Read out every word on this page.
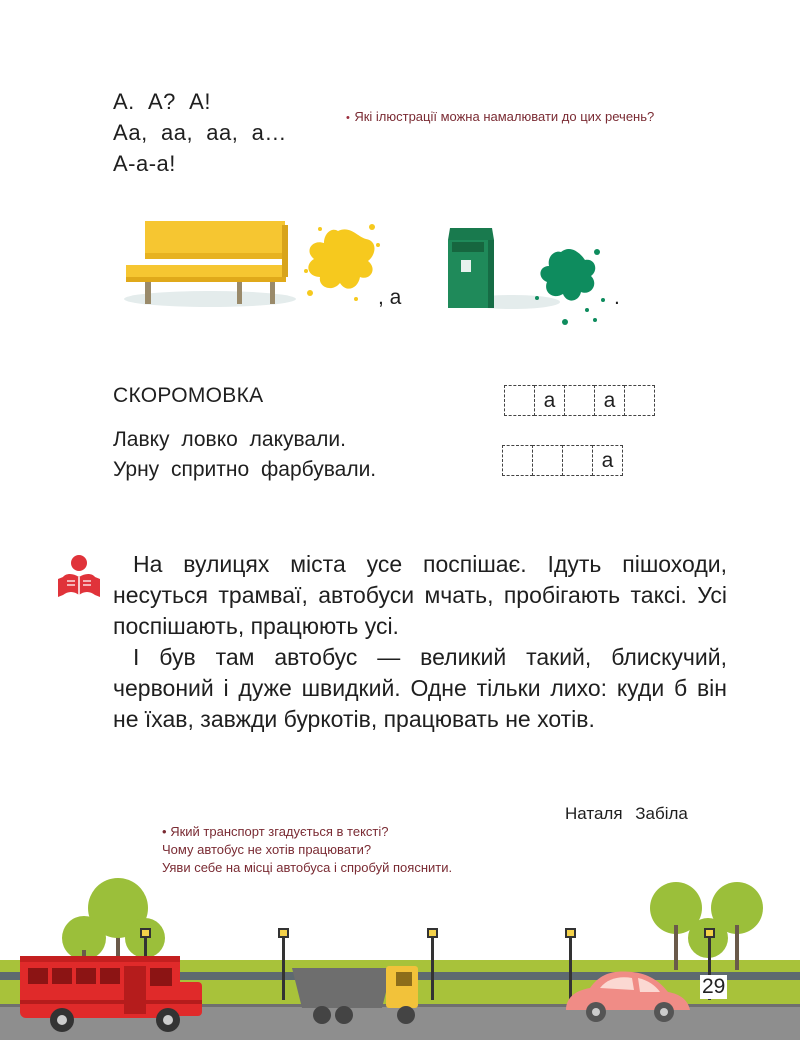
А.  А?  А!
Аа,  аа,  аа,  а…
А-а-а!
• Які ілюстрації можна намалювати до цих речень?
, а	.
СКОРОМОВКА
Лавку ловко лакували.
Урну спритно фарбували.
а	а
а

На вулицях міста усе поспішає. Ідуть пішоходи, несуться трамваї, автобуси мчать, пробігають таксі. Усі поспішають, працюють усі.

І був там автобус — великий такий, блискучий, червоний і дуже швидкий. Одне тільки лихо: куди б він не їхав, завжди буркотів, працювать не хотів.

Наталя Забіла
• Який транспорт згадується в тексті?
Чому автобус не хотів працювати?
Уяви себе на місці автобуса і спробуй пояснити.
29
